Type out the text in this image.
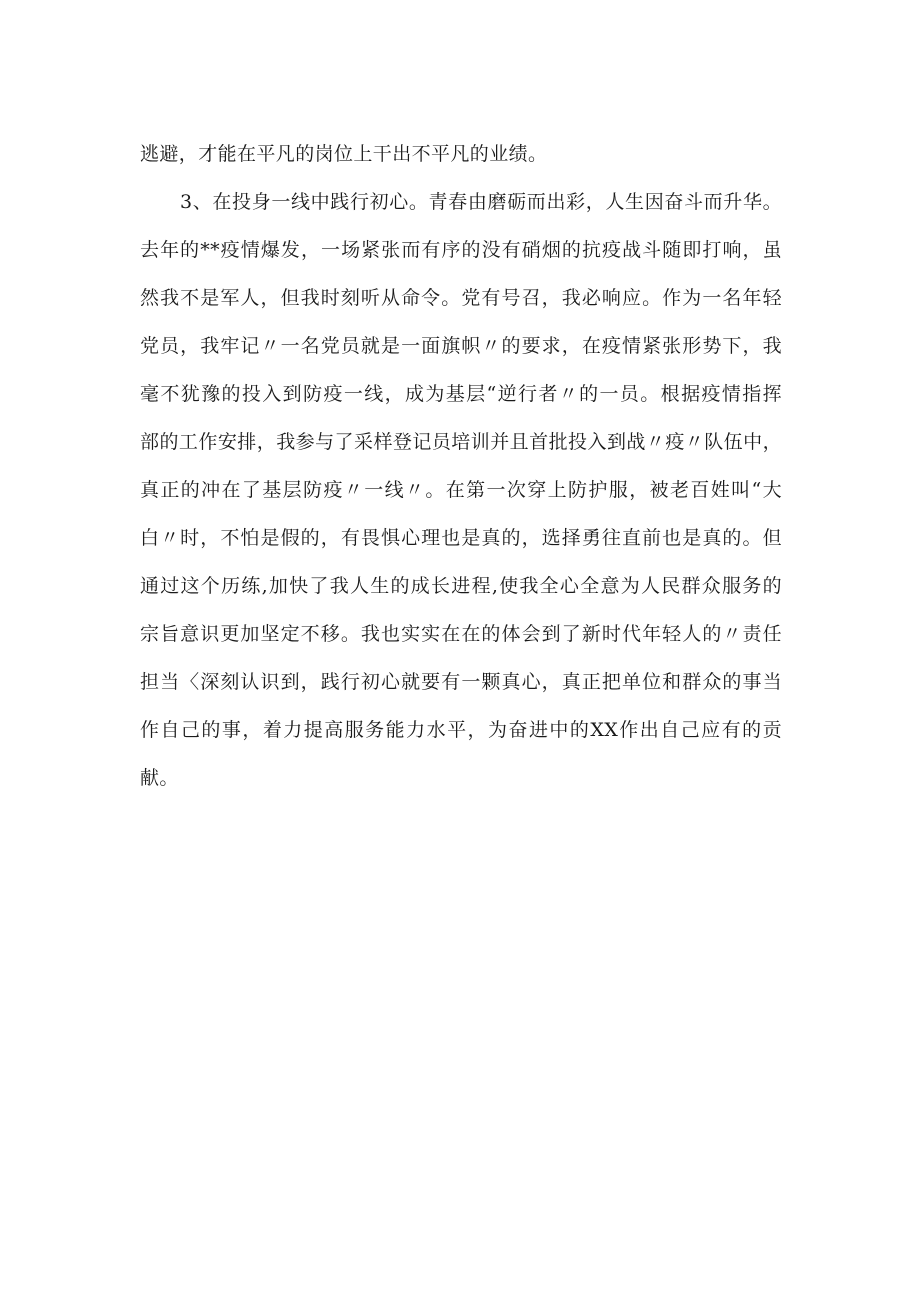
逃避，才能在平凡的岗位上干出不平凡的业绩。
3、在投身一线中践行初心。青春由磨砺而出彩，人生因奋斗而升华。
去年的**疫情爆发，一场紧张而有序的没有硝烟的抗疫战斗随即打响，虽
然我不是军人，但我时刻听从命令。党有号召，我必响应。作为一名年轻
党员，我牢记〃一名党员就是一面旗帜〃的要求，在疫情紧张形势下，我
毫不犹豫的投入到防疫一线，成为基层“逆行者〃的一员。根据疫情指挥
部的工作安排，我参与了采样登记员培训并且首批投入到战〃疫〃队伍中，
真正的冲在了基层防疫〃一线〃。在第一次穿上防护服，被老百姓叫“大
白〃时，不怕是假的，有畏惧心理也是真的，选择勇往直前也是真的。但
通过这个历练,加快了我人生的成长进程,使我全心全意为人民群众服务的
宗旨意识更加坚定不移。我也实实在在的体会到了新时代年轻人的〃责任
担当〈深刻认识到，践行初心就要有一颗真心，真正把单位和群众的事当
作自己的事，着力提高服务能力水平，为奋进中的XX作出自己应有的贡
献。
